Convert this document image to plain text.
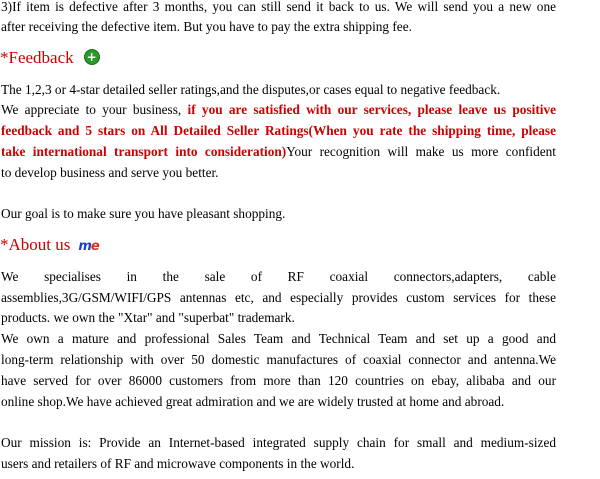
3)If item is defective after 3 months, you can still send it back to us. We will send you a new one
after receiving the defective item. But you have to pay the extra shipping fee.
*Feedback +
The 1,2,3 or 4-star detailed seller ratings,and the disputes,or cases equal to negative feedback.
We appreciate to your business, if you are satisfied with our services, please leave us positive
feedback and 5 stars on All Detailed Seller Ratings(When you rate the shipping time, please
take international transport into consideration)Your recognition will make us more confident
to develop business and serve you better.
Our goal is to make sure you have pleasant shopping.
*About us me
We specialises in the sale of RF coaxial connectors,adapters, cable
assemblies,3G/GSM/WIFI/GPS antennas etc, and especially provides custom services for these
products. we own the "Xtar" and "superbat" trademark.
We own a mature and professional Sales Team and Technical Team and set up a good and
long-term relationship with over 50 domestic manufactures of coaxial connector and antenna.We
have served for over 86000 customers from more than 120 countries on ebay, alibaba and our
online shop.We have achieved great admiration and we are widely trusted at home and abroad.
Our mission is: Provide an Internet-based integrated supply chain for small and medium-sized
users and retailers of RF and microwave components in the world.
